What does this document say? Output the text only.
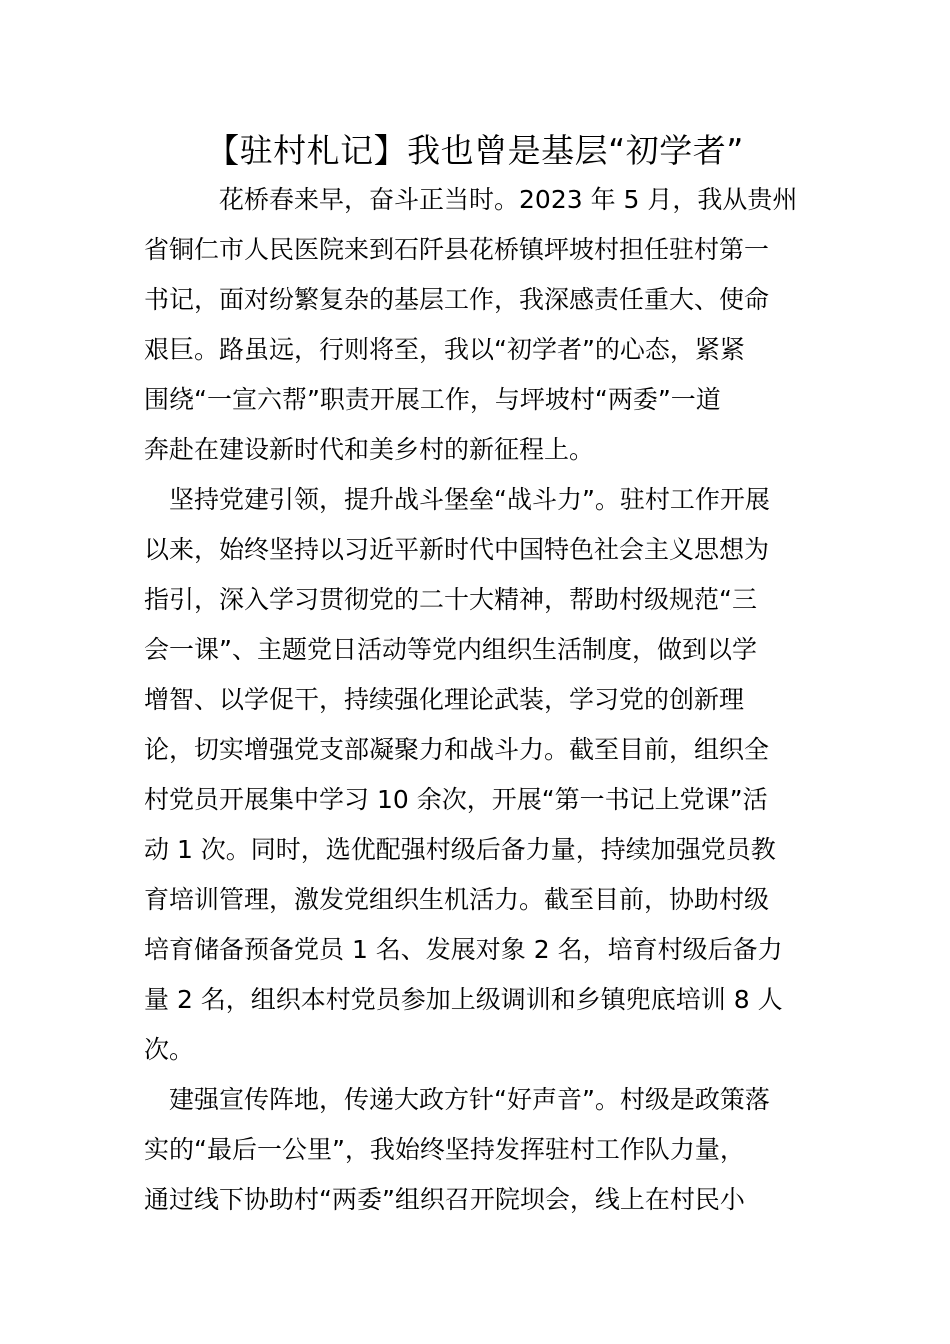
【驻村札记】我也曾是基层“初学者”
花桥春来早，奋斗正当时。2023 年 5 月，我从贵州
省铜仁市人民医院来到石阡县花桥镇坪坡村担任驻村第一
书记，面对纷繁复杂的基层工作，我深感责任重大、使命
艰巨。路虽远，行则将至，我以“初学者”的心态，紧紧
围绕“一宣六帮”职责开展工作，与坪坡村“两委”一道
奔赴在建设新时代和美乡村的新征程上。
坚持党建引领，提升战斗堡垒“战斗力”。驻村工作开展
以来，始终坚持以习近平新时代中国特色社会主义思想为
指引，深入学习贯彻党的二十大精神，帮助村级规范“三
会一课”、主题党日活动等党内组织生活制度，做到以学
增智、以学促干，持续强化理论武装，学习党的创新理
论，切实增强党支部凝聚力和战斗力。截至目前，组织全
村党员开展集中学习 10 余次，开展“第一书记上党课”活
动 1 次。同时，选优配强村级后备力量，持续加强党员教
育培训管理，激发党组织生机活力。截至目前，协助村级
培育储备预备党员 1 名、发展对象 2 名，培育村级后备力
量 2 名，组织本村党员参加上级调训和乡镇兜底培训 8 人
次。
建强宣传阵地，传递大政方针“好声音”。村级是政策落
实的“最后一公里”，我始终坚持发挥驻村工作队力量，
通过线下协助村“两委”组织召开院坝会，线上在村民小
